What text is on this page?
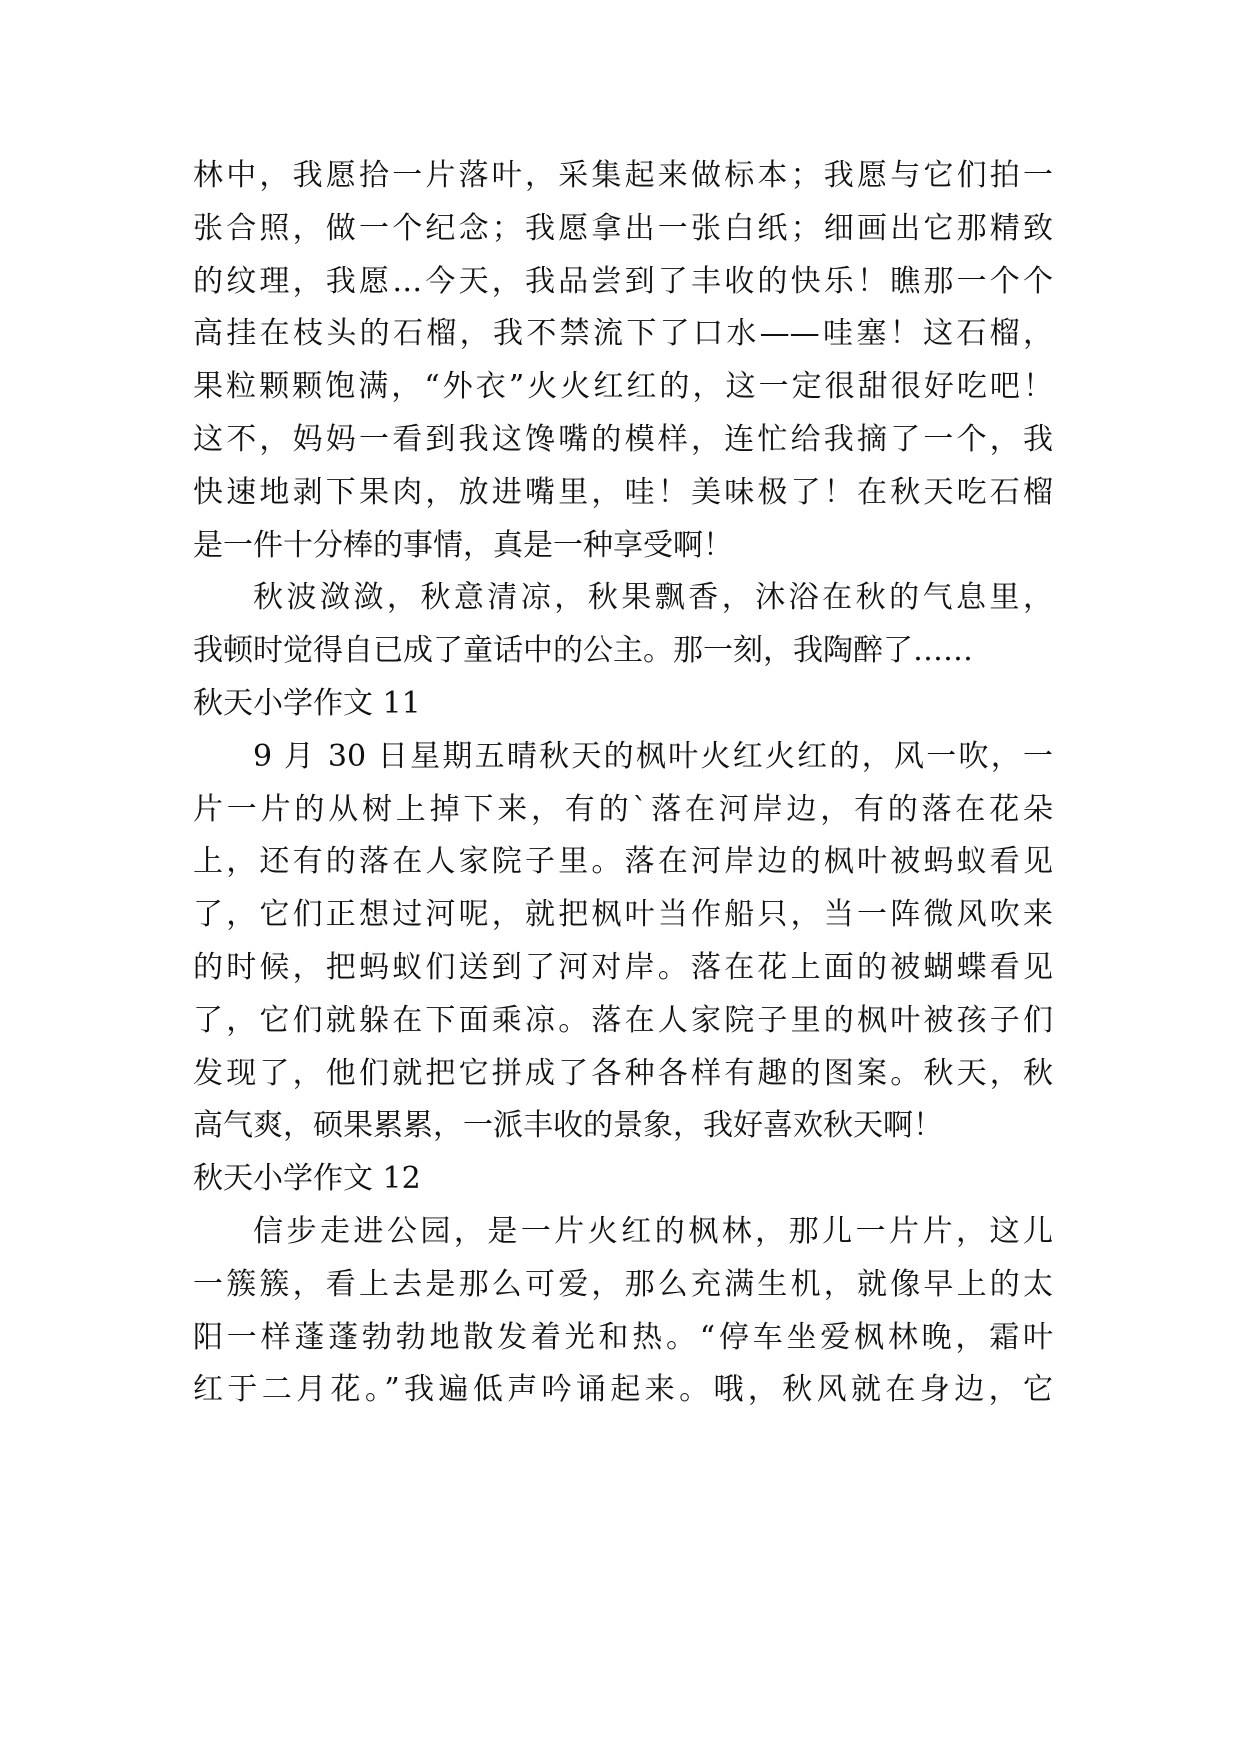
林中，我愿拾一片落叶，采集起来做标本；我愿与它们拍一
张合照，做一个纪念；我愿拿出一张白纸；细画出它那精致
的纹理，我愿…今天，我品尝到了丰收的快乐！瞧那一个个
高挂在枝头的石榴，我不禁流下了口水——哇塞！这石榴，
果粒颗颗饱满，“外衣”火火红红的，这一定很甜很好吃吧！
这不，妈妈一看到我这馋嘴的模样，连忙给我摘了一个，我
快速地剥下果肉，放进嘴里，哇！美味极了！在秋天吃石榴
是一件十分棒的事情，真是一种享受啊！
秋波潋潋，秋意清凉，秋果飘香，沐浴在秋的气息里，
我顿时觉得自已成了童话中的公主。那一刻，我陶醉了……
秋天小学作文 11
9 月 30 日星期五晴秋天的枫叶火红火红的，风一吹，一
片一片的从树上掉下来，有的`落在河岸边，有的落在花朵
上，还有的落在人家院子里。落在河岸边的枫叶被蚂蚁看见
了，它们正想过河呢，就把枫叶当作船只，当一阵微风吹来
的时候，把蚂蚁们送到了河对岸。落在花上面的被蝴蝶看见
了，它们就躲在下面乘凉。落在人家院子里的枫叶被孩子们
发现了，他们就把它拼成了各种各样有趣的图案。秋天，秋
高气爽，硕果累累，一派丰收的景象，我好喜欢秋天啊！
秋天小学作文 12
信步走进公园，是一片火红的枫林，那儿一片片，这儿
一簇簇，看上去是那么可爱，那么充满生机，就像早上的太
阳一样蓬蓬勃勃地散发着光和热。“停车坐爱枫林晚，霜叶
红于二月花。”我遍低声吟诵起来。哦，秋风就在身边，它
